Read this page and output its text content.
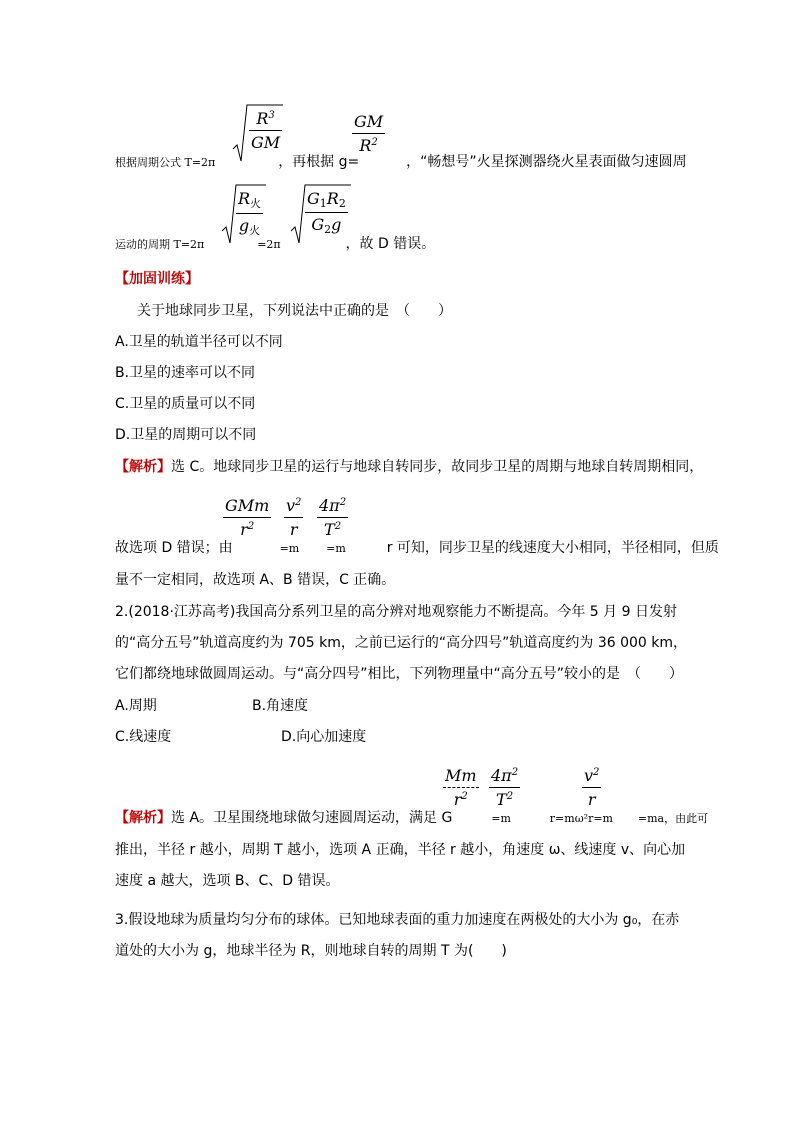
$R^3$
GM
GM
$R^2$
根据周期公式 T=2π	，再根据 g=	，“畅想号”火星探测器绕火星表面做匀速圆周
$R_火$
$g_火$
$G_1R_2$
$G_2g$
运动的周期 T=2π	=2π	，故 D 错误。
【加固训练】
关于地球同步卫星，下列说法中正确的是　（　　）
A.卫星的轨道半径可以不同
B.卫星的速率可以不同
C.卫星的质量可以不同
D.卫星的周期可以不同
【解析】选 C。地球同步卫星的运行与地球自转同步，故同步卫星的周期与地球自转周期相同，
GMm
$r^2$
$v^2$
r
$4\pi^2$
$T^2$
故选项 D 错误；由	=m =m	r 可知，同步卫星的线速度大小相同，半径相同，但质
量不一定相同，故选项 A、B 错误，C 正确。
2.(2018·江苏高考)我国高分系列卫星的高分辨对地观察能力不断提高。今年 5 月 9 日发射
的“高分五号”轨道高度约为 705 km，之前已运行的“高分四号”轨道高度约为 36 000 km，
它们都绕地球做圆周运动。与“高分四号”相比，下列物理量中“高分五号”较小的是　（　　）
A.周期	B.角速度
C.线速度	D.向心加速度
Mm
$r^2$
$4\pi^2$
$T^2$
$v^2$
r
【解析】选 A。卫星围绕地球做匀速圆周运动，满足 G	=m	r=mω²r=m =ma，由此可
推出，半径 r 越小，周期 T 越小，选项 A 正确，半径 r 越小，角速度 ω、线速度 v、向心加
速度 a 越大，选项 B、C、D 错误。
3.假设地球为质量均匀分布的球体。已知地球表面的重力加速度在两极处的大小为 g₀，在赤
道处的大小为 g，地球半径为 R，则地球自转的周期 T 为(　　)
